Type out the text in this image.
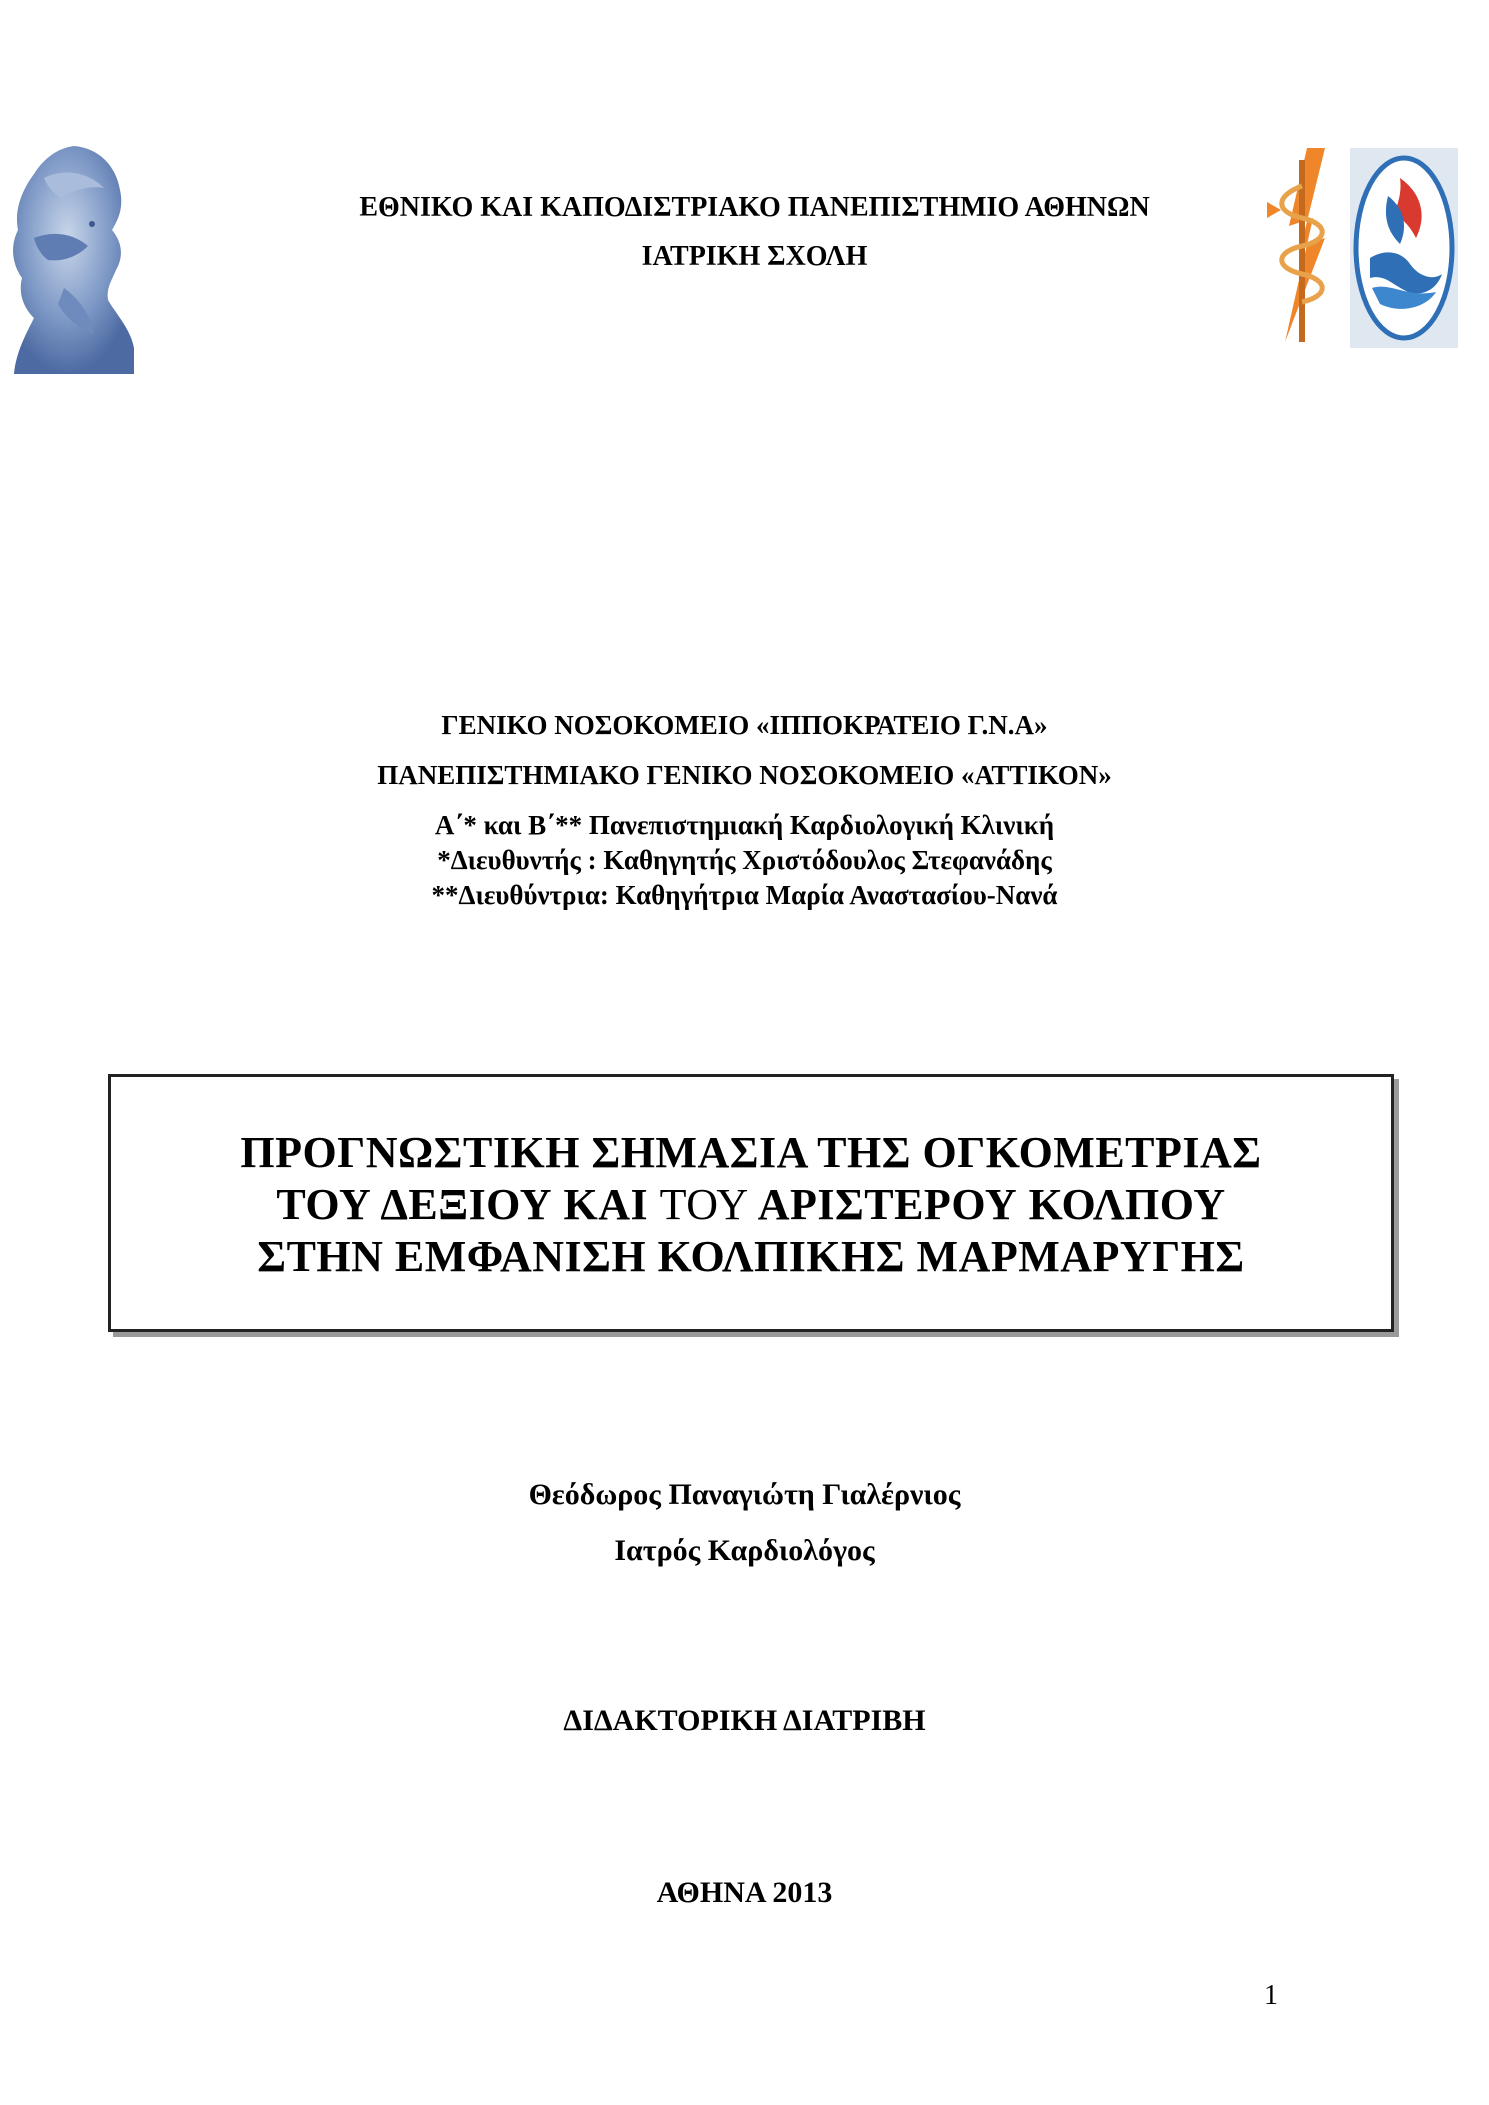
ΕΘΝΙΚΟ ΚΑΙ ΚΑΠΟΔΙΣΤΡΙΑΚΟ ΠΑΝΕΠΙΣΤΗΜΙΟ ΑΘΗΝΩΝ
ΙΑΤΡΙΚΗ ΣΧΟΛΗ
ΓΕΝΙΚΟ ΝΟΣΟΚΟΜΕΙΟ «ΙΠΠΟΚΡΑΤΕΙΟ Γ.Ν.Α»
ΠΑΝΕΠΙΣΤΗΜΙΑΚΟ ΓΕΝΙΚΟ ΝΟΣΟΚΟΜΕΙΟ «ΑΤΤΙΚΟΝ»
Α΄* και Β΄** Πανεπιστημιακή Καρδιολογική Κλινική
*Διευθυντής : Καθηγητής Χριστόδουλος Στεφανάδης
**Διευθύντρια: Καθηγήτρια Μαρία Αναστασίου-Νανά
ΠΡΟΓΝΩΣΤΙΚΗ ΣΗΜΑΣΙΑ ΤΗΣ ΟΓΚΟΜΕΤΡΙΑΣ
ΤΟΥ ΔΕΞΙΟΥ ΚΑΙ ΤΟΥ ΑΡΙΣΤΕΡΟΥ ΚΟΛΠΟΥ
ΣΤΗΝ ΕΜΦΑΝΙΣΗ ΚΟΛΠΙΚΗΣ ΜΑΡΜΑΡΥΓΗΣ
Θεόδωρος Παναγιώτη Γιαλέρνιος
Ιατρός Καρδιολόγος
ΔΙΔΑΚΤΟΡΙΚΗ ΔΙΑΤΡΙΒΗ
ΑΘΗΝΑ 2013
1
